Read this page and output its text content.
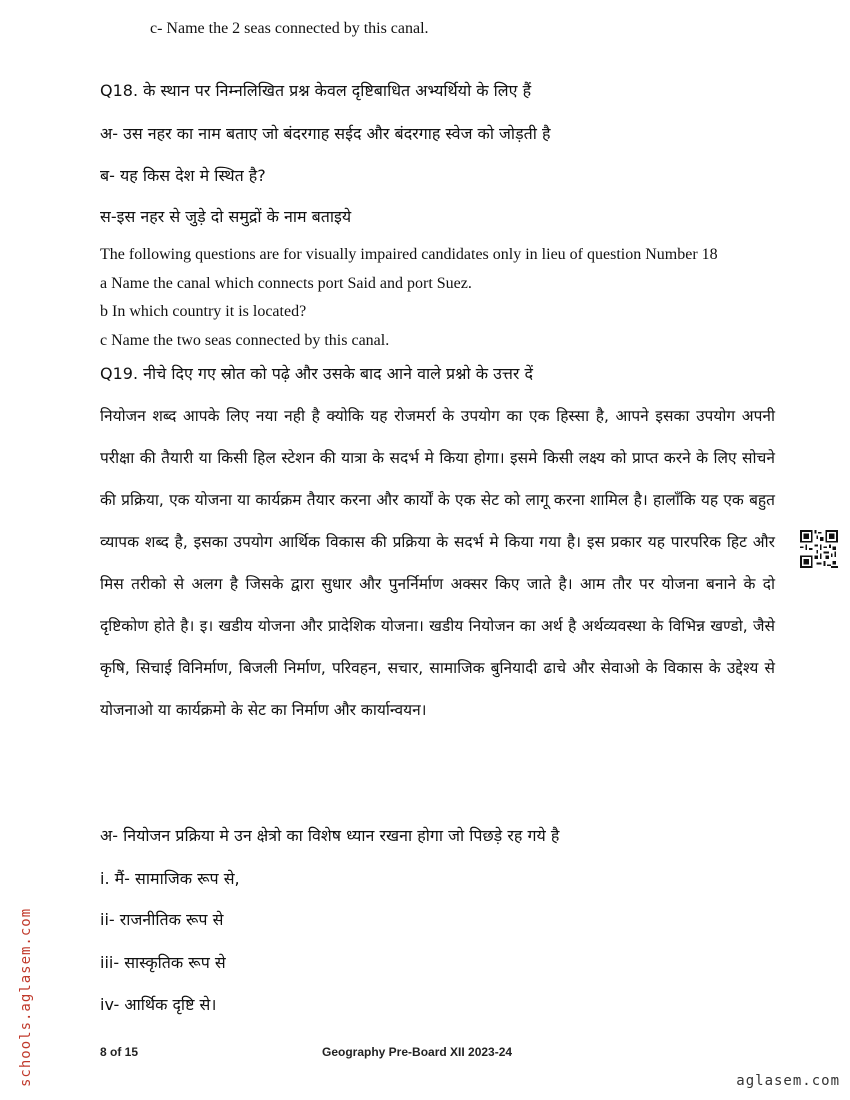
c- Name the 2 seas connected by this canal.
Q18. के स्थान पर निम्नलिखित प्रश्न केवल दृष्टिबाधित अभ्यर्थियो के लिए हैं
अ- उस नहर का नाम बताए जो बंदरगाह सईद और बंदरगाह स्वेज को जोड़ती है
ब- यह किस देश मे स्थित है?
स-इस नहर से जुड़े दो समुद्रों के नाम बताइये
The following questions are for visually impaired candidates only in lieu of question Number 18
a Name the canal which connects port Said and port Suez.
b In which country it is located?
c Name the two seas connected by this canal.
Q19. नीचे दिए गए स्रोत को पढ़े और उसके बाद आने वाले प्रश्नो के उत्तर दें
नियोजन शब्द आपके लिए नया नही है क्योकि यह रोजमर्रा के उपयोग का एक हिस्सा है, आपने इसका उपयोग अपनी परीक्षा की तैयारी या किसी हिल स्टेशन की यात्रा के सदर्भ मे किया होगा। इसमे किसी लक्ष्य को प्राप्त करने के लिए सोचने की प्रक्रिया, एक योजना या कार्यक्रम तैयार करना और कार्यों के एक सेट को लागू करना शामिल है। हालाँकि यह एक बहुत व्यापक शब्द है, इसका उपयोग आर्थिक विकास की प्रक्रिया के सदर्भ मे किया गया है। इस प्रकार यह पारपरिक हिट और मिस तरीको से अलग है जिसके द्वारा सुधार और पुनर्निर्माण अक्सर किए जाते है। आम तौर पर योजना बनाने के दो दृष्टिकोण होते है। इ। खडीय योजना और प्रादेशिक योजना। खडीय नियोजन का अर्थ है अर्थव्यवस्था के विभिन्न खण्डो, जैसे कृषि, सिचाई विनिर्माण, बिजली निर्माण, परिवहन, सचार, सामाजिक बुनियादी ढाचे और सेवाओ के विकास के उद्देश्य से योजनाओ या कार्यक्रमो के सेट का निर्माण और कार्यान्वयन।
अ- नियोजन प्रक्रिया मे उन क्षेत्रो का विशेष ध्यान रखना होगा जो पिछड़े रह गये है
i. मैं- सामाजिक रूप से,
ii- राजनीतिक रूप से
iii- सास्कृतिक रूप से
iv- आर्थिक दृष्टि से।
8 of 15	Geography Pre-Board XII 2023-24
schools.aglasem.com	aglasem.com
